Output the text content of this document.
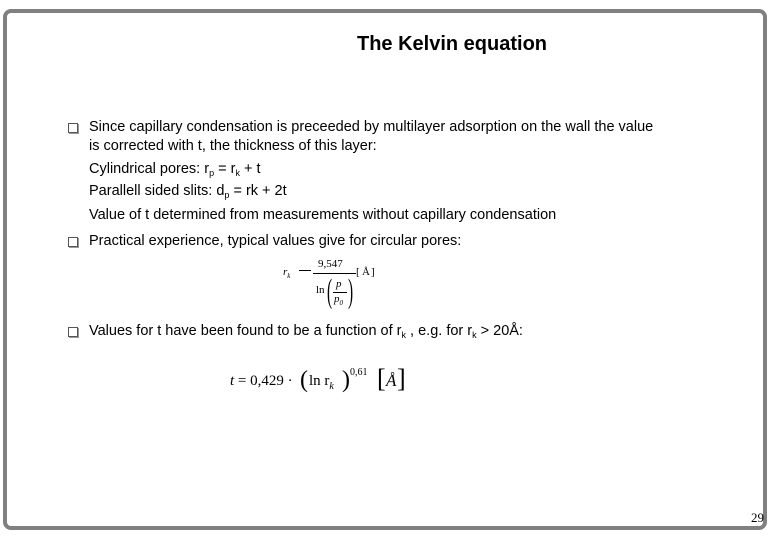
The Kelvin equation
Since capillary condensation is preceeded by multilayer adsorption on the wall the value
is corrected with t, the thickness of this layer:
Cylindrical pores: $r_p = r_k + t$
Parallell sided slits: $d_p$ = rk + 2t
Value of t determined from measurements without capillary condensation
Practical experience, typical values give for circular pores:
$r_k$
9,547
ln ( p
$p_0$ )
[ Å ]
Values for t have been found to be a function of $r_k$ , e.g. for $r_k$ > 20Å:
t = 0,429 · ( $\ln r_k$ ) 0,61 [ Å ]
29
